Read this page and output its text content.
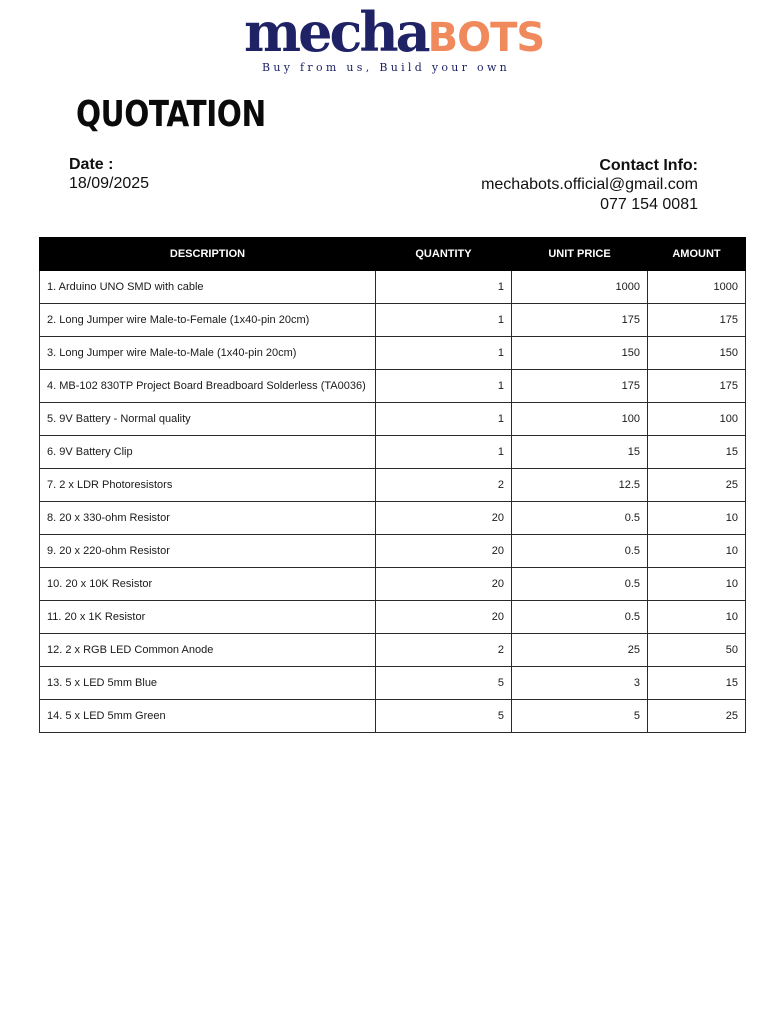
mechaBOTS
Buy from us, Build your own
QUOTATION
Date :
18/09/2025
Contact Info:
mechabots.official@gmail.com
077 154 0081
DESCRIPTION	QUANTITY	UNIT PRICE	AMOUNT
1. Arduino UNO SMD with cable	1	1000	1000
2. Long Jumper wire Male-to-Female (1x40-pin 20cm)	1	175	175
3. Long Jumper wire Male-to-Male (1x40-pin 20cm)	1	150	150
4. MB-102 830TP Project Board Breadboard Solderless (TA0036)	1	175	175
5. 9V Battery - Normal quality	1	100	100
6. 9V Battery Clip	1	15	15
7. 2 x LDR Photoresistors	2	12.5	25
8. 20 x 330-ohm Resistor	20	0.5	10
9. 20 x 220-ohm Resistor	20	0.5	10
10. 20 x 10K Resistor	20	0.5	10
11. 20 x 1K Resistor	20	0.5	10
12. 2 x RGB LED Common Anode	2	25	50
13. 5 x LED 5mm Blue	5	3	15
14. 5 x LED 5mm Green	5	5	25
